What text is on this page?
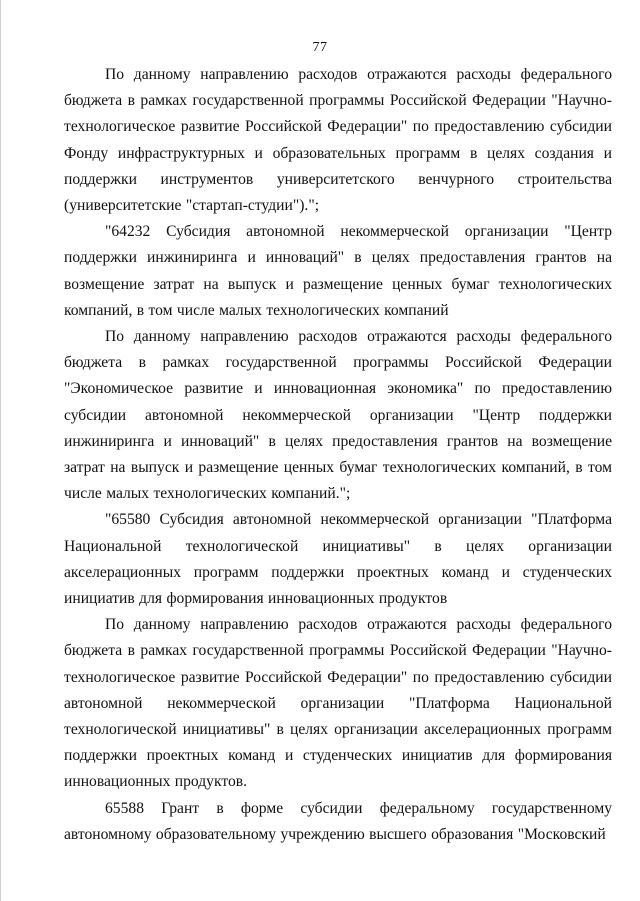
77

По данному направлению расходов отражаются расходы федерального бюджета в рамках государственной программы Российской Федерации "Научно-технологическое развитие Российской Федерации" по предоставлению субсидии Фонду инфраструктурных и образовательных программ в целях создания и поддержки инструментов университетского венчурного строительства (университетские "стартап-студии").";

"64232 Субсидия автономной некоммерческой организации "Центр поддержки инжиниринга и инноваций" в целях предоставления грантов на возмещение затрат на выпуск и размещение ценных бумаг технологических компаний, в том числе малых технологических компаний

По данному направлению расходов отражаются расходы федерального бюджета в рамках государственной программы Российской Федерации "Экономическое развитие и инновационная экономика" по предоставлению субсидии автономной некоммерческой организации "Центр поддержки инжиниринга и инноваций" в целях предоставления грантов на возмещение затрат на выпуск и размещение ценных бумаг технологических компаний, в том числе малых технологических компаний.";

"65580 Субсидия автономной некоммерческой организации "Платформа Национальной технологической инициативы" в целях организации акселерационных программ поддержки проектных команд и студенческих инициатив для формирования инновационных продуктов

По данному направлению расходов отражаются расходы федерального бюджета в рамках государственной программы Российской Федерации "Научно-технологическое развитие Российской Федерации" по предоставлению субсидии автономной некоммерческой организации "Платформа Национальной технологической инициативы" в целях организации акселерационных программ поддержки проектных команд и студенческих инициатив для формирования инновационных продуктов.

65588 Грант в форме субсидии федеральному государственному автономному образовательному учреждению высшего образования "Московский
